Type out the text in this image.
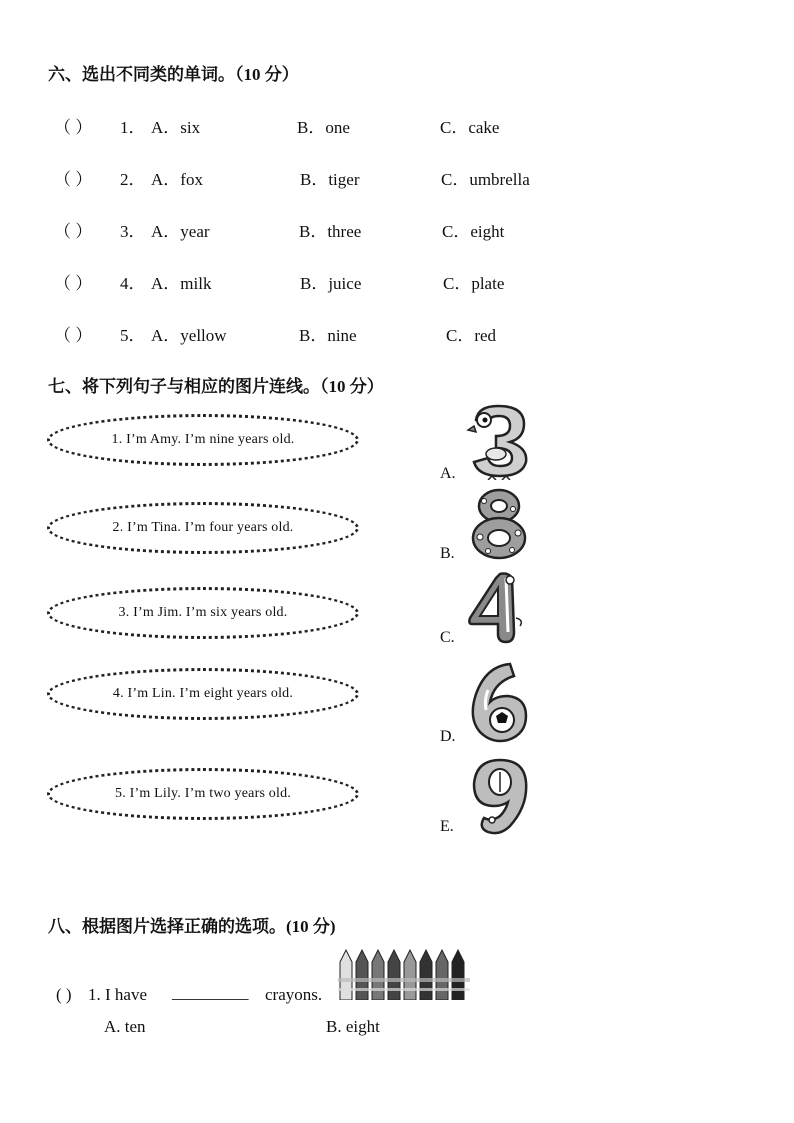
六、选出不同类的单词。（10 分）
（ ） 1． A．six	B．one	C．cake
（ ） 2． A．fox	B．tiger	C．umbrella
（ ） 3． A．year	B．three	C．eight
（ ） 4． A．milk	B．juice	C．plate
（ ） 5． A．yellow	B．nine	C．red
七、将下列句子与相应的图片连线。（10 分）
1. I’m Amy. I’m nine years old.
2. I’m Tina. I’m four years old.
3. I’m Jim. I’m six years old.
4. I’m Lin. I’m eight years old.
5. I’m Lily. I’m two years old.
A.
B.
C.
D.
E.
八、根据图片选择正确的选项。(10 分)
( ) 1. I have _________ crayons.
A. ten	B. eight
